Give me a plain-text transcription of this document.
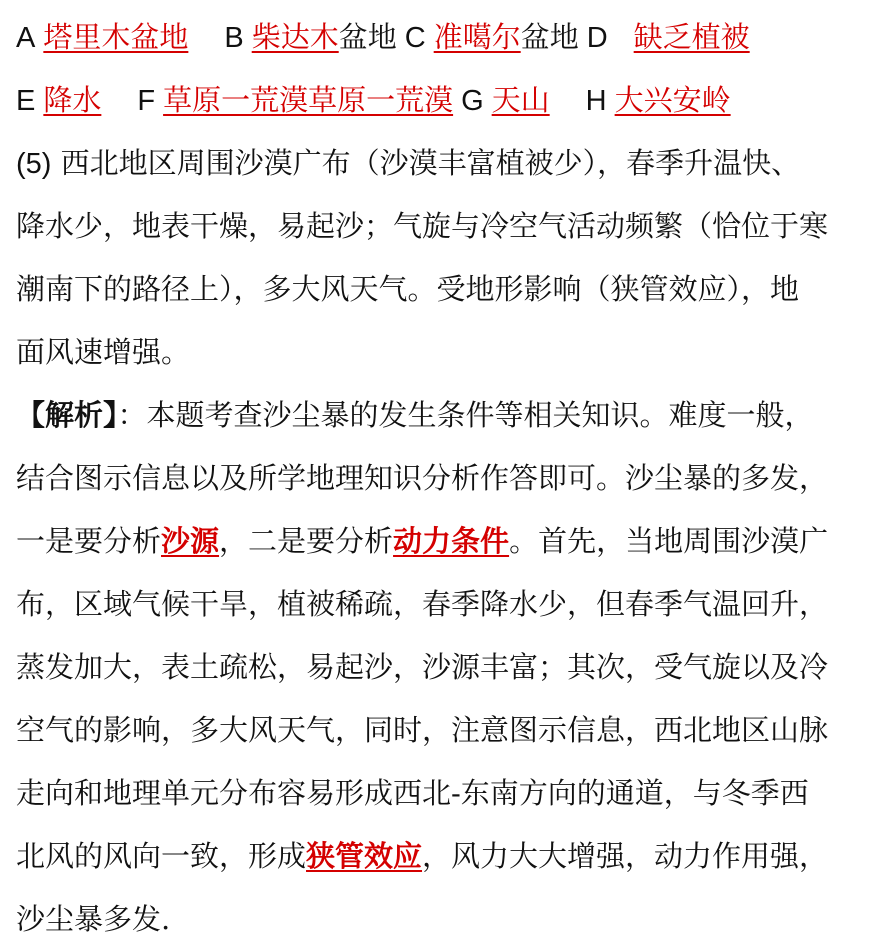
A 塔里木盆地 B 柴达木盆地 C 准噶尔盆地 D 缺乏植被
E 降水 F 草原一荒漠草原一荒漠 G 天山 H 大兴安岭
(5) 西北地区周围沙漠广布（沙漠丰富植被少），春季升温快、
降水少，地表干燥，易起沙；气旋与冷空气活动频繁（恰位于寒
潮南下的路径上），多大风天气。受地形影响（狭管效应），地
面风速增强。
【解析】：本题考查沙尘暴的发生条件等相关知识。难度一般，
结合图示信息以及所学地理知识分析作答即可。沙尘暴的多发，
一是要分析沙源，二是要分析动力条件。首先，当地周围沙漠广
布，区域气候干旱，植被稀疏，春季降水少，但春季气温回升，
蒸发加大，表土疏松，易起沙，沙源丰富；其次，受气旋以及冷
空气的影响，多大风天气，同时，注意图示信息，西北地区山脉
走向和地理单元分布容易形成西北-东南方向的通道，与冬季西
北风的风向一致，形成狭管效应，风力大大增强，动力作用强，
沙尘暴多发.
